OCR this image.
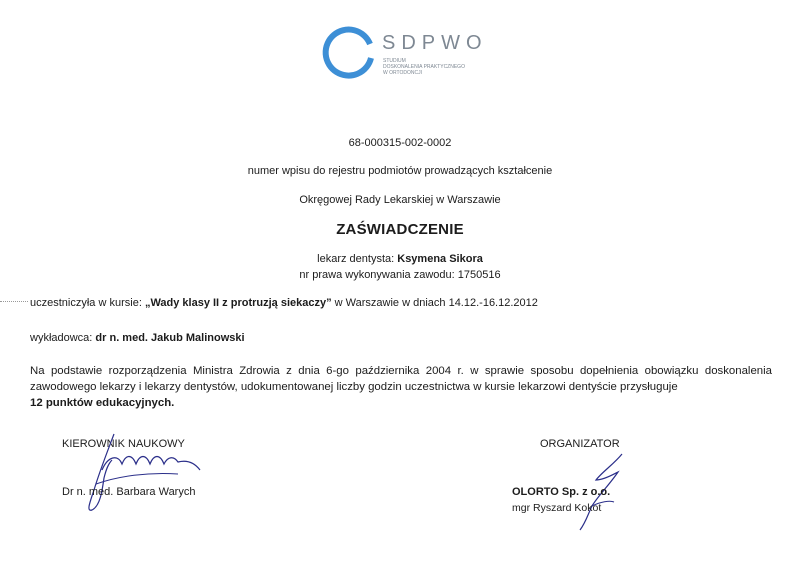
SDPWO
STUDIUM
DOSKONALENIA PRAKTYCZNEGO
W ORTODONCJI
68-000315-002-0002
numer wpisu do rejestru podmiotów prowadzących kształcenie
Okręgowej Rady Lekarskiej w Warszawie
ZAŚWIADCZENIE
lekarz dentysta: Ksymena Sikora
nr prawa wykonywania zawodu: 1750516
uczestniczyła w kursie: „Wady klasy II z protruzją siekaczy” w Warszawie w dniach 14.12.-16.12.2012
wykładowca: dr n. med. Jakub Malinowski
Na podstawie rozporządzenia Ministra Zdrowia z dnia 6-go października 2004 r. w sprawie sposobu dopełnienia obowiązku doskonalenia zawodowego lekarzy i lekarzy dentystów, udokumentowanej liczby godzin uczestnictwa w kursie lekarzowi dentyście przysługuje
12 punktów edukacyjnych.
KIEROWNIK NAUKOWY
Dr n. med. Barbara Warych
ORGANIZATOR
OLORTO Sp. z o.o.
mgr Ryszard Kokot
